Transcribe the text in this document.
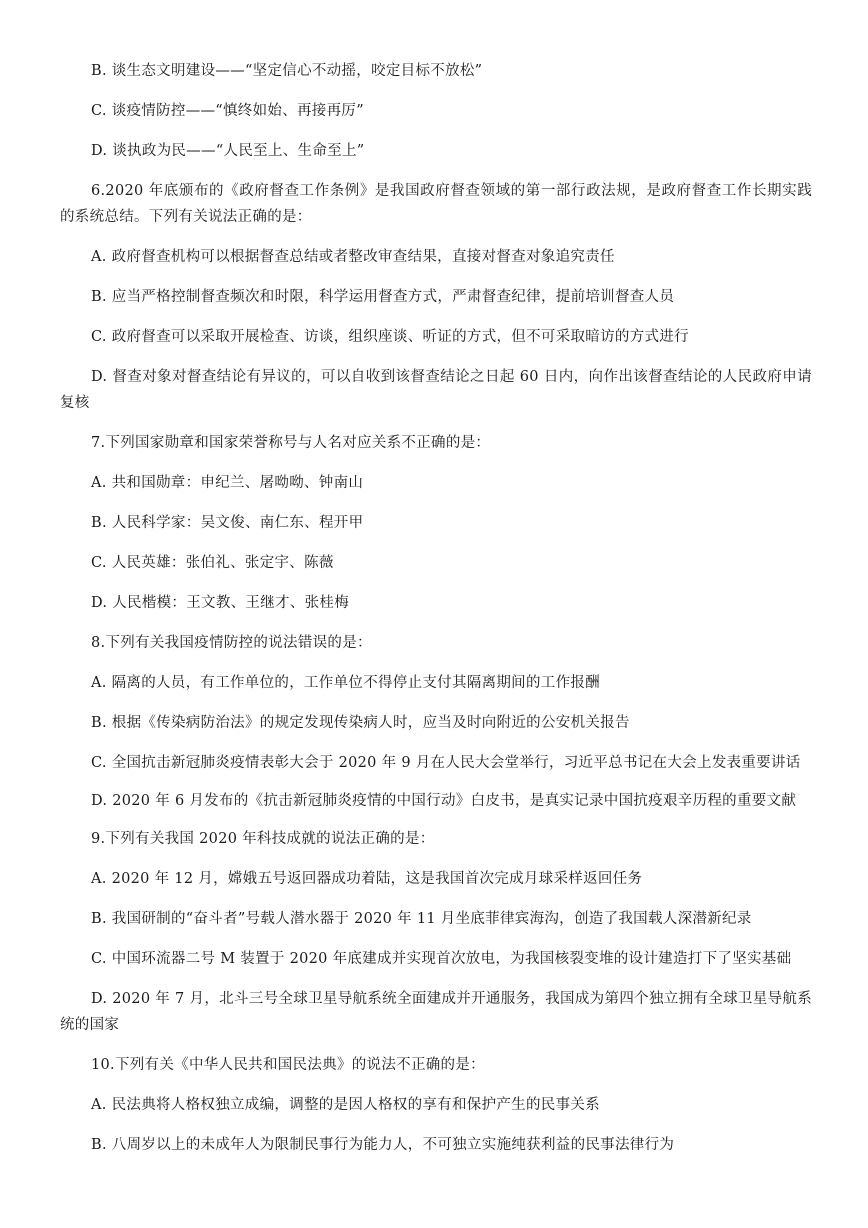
B. 谈生态文明建设——“坚定信心不动摇，咬定目标不放松”

C. 谈疫情防控——“慎终如始、再接再厉”

D. 谈执政为民——“人民至上、生命至上”

6.2020 年底颁布的《政府督查工作条例》是我国政府督查领域的第一部行政法规，是政府督查工作长期实践的系统总结。下列有关说法正确的是：

A. 政府督查机构可以根据督查总结或者整改审查结果，直接对督查对象追究责任

B. 应当严格控制督查频次和时限，科学运用督查方式，严肃督查纪律，提前培训督查人员

C. 政府督查可以采取开展检查、访谈，组织座谈、听证的方式，但不可采取暗访的方式进行

D. 督查对象对督查结论有异议的，可以自收到该督查结论之日起 60 日内，向作出该督查结论的人民政府申请复核

7.下列国家勋章和国家荣誉称号与人名对应关系不正确的是：

A. 共和国勋章：申纪兰、屠呦呦、钟南山

B. 人民科学家：吴文俊、南仁东、程开甲

C. 人民英雄：张伯礼、张定宇、陈薇

D. 人民楷模：王文教、王继才、张桂梅

8.下列有关我国疫情防控的说法错误的是：

A. 隔离的人员，有工作单位的，工作单位不得停止支付其隔离期间的工作报酬

B. 根据《传染病防治法》的规定发现传染病人时，应当及时向附近的公安机关报告

C. 全国抗击新冠肺炎疫情表彰大会于 2020 年 9 月在人民大会堂举行，习近平总书记在大会上发表重要讲话

D. 2020 年 6 月发布的《抗击新冠肺炎疫情的中国行动》白皮书，是真实记录中国抗疫艰辛历程的重要文献

9.下列有关我国 2020 年科技成就的说法正确的是：

A. 2020 年 12 月，嫦娥五号返回器成功着陆，这是我国首次完成月球采样返回任务

B. 我国研制的“奋斗者”号载人潜水器于 2020 年 11 月坐底菲律宾海沟，创造了我国载人深潜新纪录

C. 中国环流器二号 M 装置于 2020 年底建成并实现首次放电，为我国核裂变堆的设计建造打下了坚实基础

D. 2020 年 7 月，北斗三号全球卫星导航系统全面建成并开通服务，我国成为第四个独立拥有全球卫星导航系统的国家

10.下列有关《中华人民共和国民法典》的说法不正确的是：

A. 民法典将人格权独立成编，调整的是因人格权的享有和保护产生的民事关系

B. 八周岁以上的未成年人为限制民事行为能力人，不可独立实施纯获利益的民事法律行为
